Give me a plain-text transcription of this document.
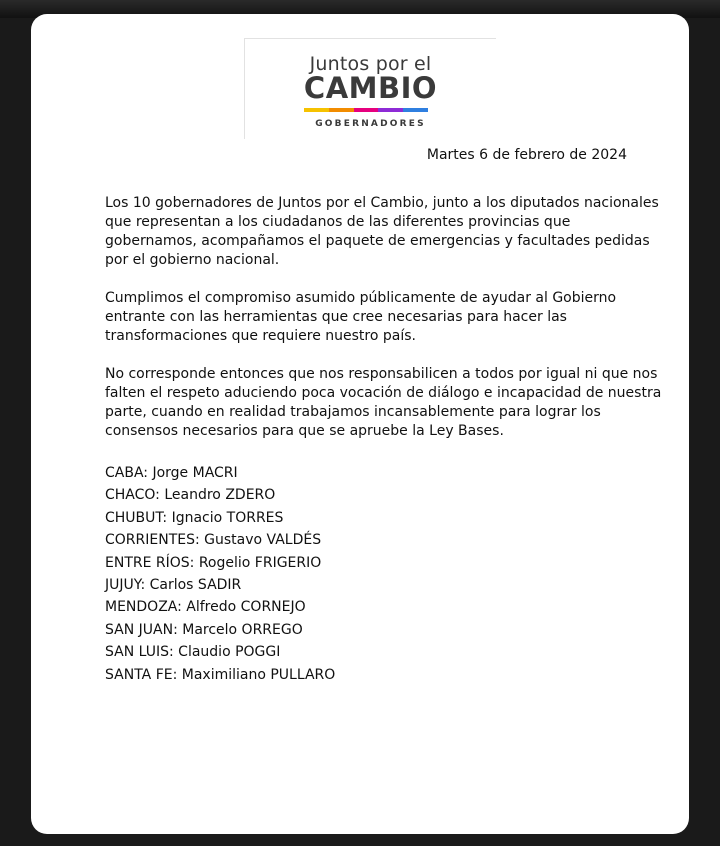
Juntos por el
CAMBIO
GOBERNADORES
Martes 6 de febrero de 2024
Los 10 gobernadores de Juntos por el Cambio, junto a los diputados nacionales que representan a los ciudadanos de las diferentes provincias que gobernamos, acompañamos el paquete de emergencias y facultades pedidas por el gobierno nacional.
Cumplimos el compromiso asumido públicamente de ayudar al Gobierno entrante con las herramientas que cree necesarias para hacer las transformaciones que requiere nuestro país.
No corresponde entonces que nos responsabilicen a todos por igual ni que nos falten el respeto aduciendo poca vocación de diálogo e incapacidad de nuestra parte, cuando en realidad trabajamos incansablemente para lograr los consensos necesarios para que se apruebe la Ley Bases.
CABA: Jorge MACRI
CHACO: Leandro ZDERO
CHUBUT: Ignacio TORRES
CORRIENTES: Gustavo VALDÉS
ENTRE RÍOS: Rogelio FRIGERIO
JUJUY: Carlos SADIR
MENDOZA: Alfredo CORNEJO
SAN JUAN: Marcelo ORREGO
SAN LUIS: Claudio POGGI
SANTA FE: Maximiliano PULLARO
